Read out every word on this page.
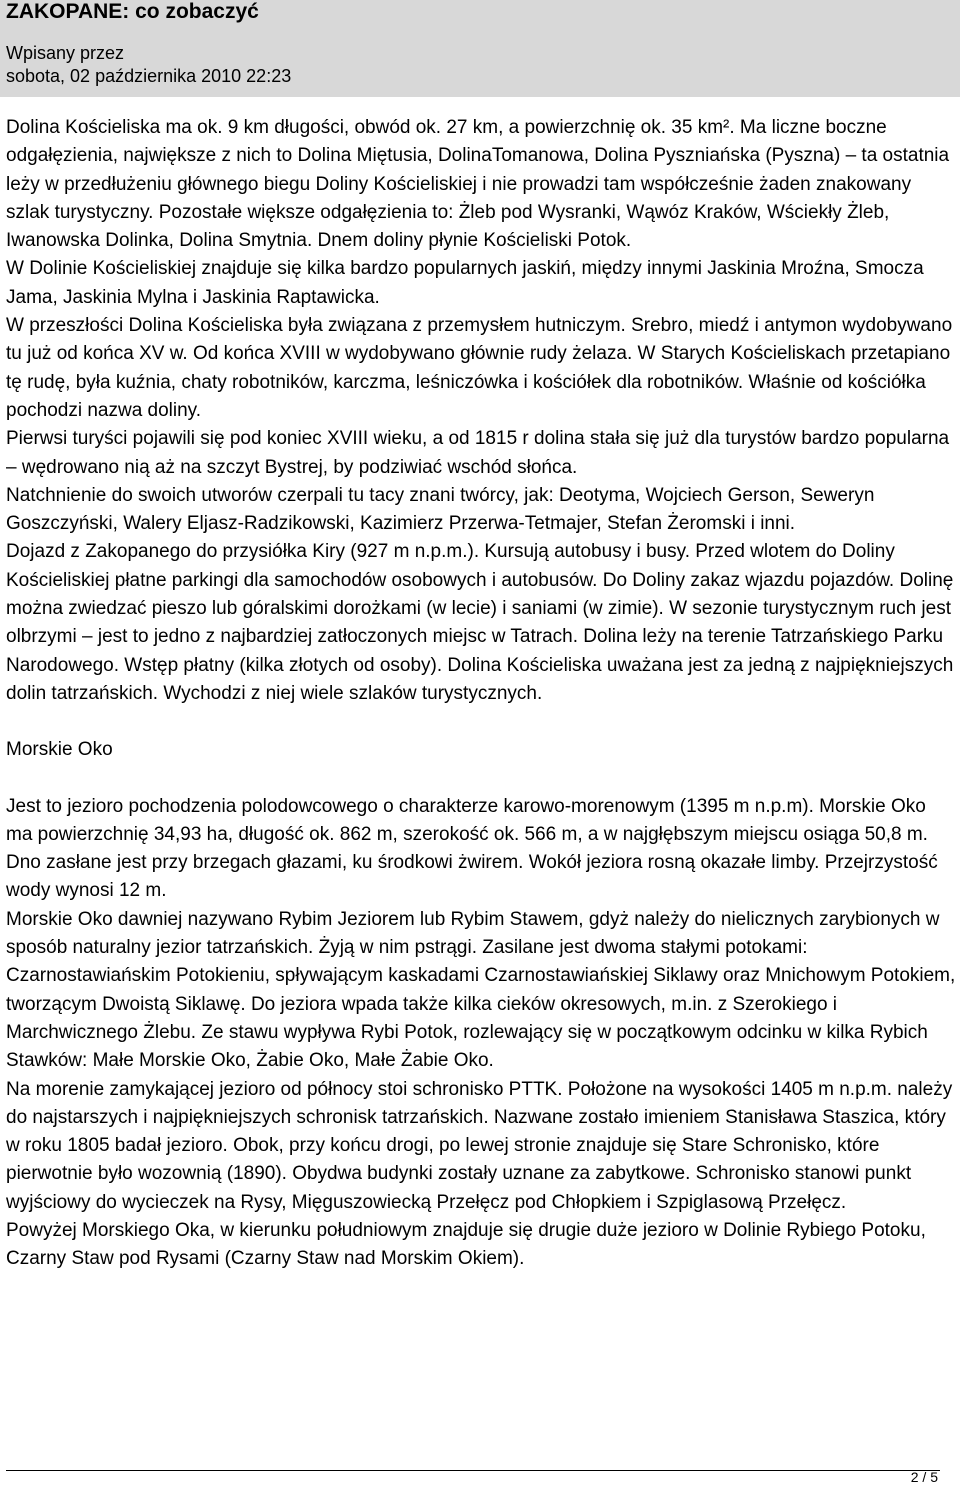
ZAKOPANE: co zobaczyć
Wpisany przez
sobota, 02 października 2010 22:23

Dolina Kościeliska ma ok. 9 km długości, obwód ok. 27 km, a powierzchnię ok. 35 km². Ma liczne boczne odgałęzienia, największe z nich to Dolina Miętusia, DolinaTomanowa, Dolina Pyszniańska (Pyszna) – ta ostatnia leży w przedłużeniu głównego biegu Doliny Kościeliskiej i nie prowadzi tam współcześnie żaden znakowany szlak turystyczny. Pozostałe większe odgałęzienia to: Żleb pod Wysranki, Wąwóz Kraków, Wściekły Żleb, Iwanowska Dolinka, Dolina Smytnia. Dnem doliny płynie Kościeliski Potok.

W Dolinie Kościeliskiej znajduje się kilka bardzo popularnych jaskiń, między innymi Jaskinia Mroźna, Smocza Jama, Jaskinia Mylna i Jaskinia Raptawicka.

W przeszłości Dolina Kościeliska była związana z przemysłem hutniczym. Srebro, miedź i antymon wydobywano tu już od końca XV w. Od końca XVIII w wydobywano głównie rudy żelaza. W Starych Kościeliskach przetapiano tę rudę, była kuźnia, chaty robotników, karczma, leśniczówka i kościółek dla robotników. Właśnie od kościółka pochodzi nazwa doliny.

Pierwsi turyści pojawili się pod koniec XVIII wieku, a od 1815 r dolina stała się już dla turystów bardzo popularna – wędrowano nią aż na szczyt Bystrej, by podziwiać wschód słońca.

Natchnienie do swoich utworów czerpali tu tacy znani twórcy, jak: Deotyma, Wojciech Gerson, Seweryn Goszczyński, Walery Eljasz-Radzikowski, Kazimierz Przerwa-Tetmajer, Stefan Żeromski i inni.

Dojazd z Zakopanego do przysiółka Kiry (927 m n.p.m.). Kursują autobusy i busy. Przed wlotem do Doliny Kościeliskiej płatne parkingi dla samochodów osobowych i autobusów. Do Doliny zakaz wjazdu pojazdów. Dolinę można zwiedzać pieszo lub góralskimi dorożkami (w lecie) i saniami (w zimie). W sezonie turystycznym ruch jest olbrzymi – jest to jedno z najbardziej zatłoczonych miejsc w Tatrach. Dolina leży na terenie Tatrzańskiego Parku Narodowego. Wstęp płatny (kilka złotych od osoby). Dolina Kościeliska uważana jest za jedną z najpiękniejszych dolin tatrzańskich. Wychodzi z niej wiele szlaków turystycznych.

Morskie Oko

Jest to jezioro pochodzenia polodowcowego o charakterze karowo-morenowym (1395 m n.p.m). Morskie Oko ma powierzchnię 34,93 ha, długość ok. 862 m, szerokość ok. 566 m, a w najgłębszym miejscu osiąga 50,8 m. Dno zasłane jest przy brzegach głazami, ku środkowi żwirem. Wokół jeziora rosną okazałe limby. Przejrzystość wody wynosi 12 m.

Morskie Oko dawniej nazywano Rybim Jeziorem lub Rybim Stawem, gdyż należy do nielicznych zarybionych w sposób naturalny jezior tatrzańskich. Żyją w nim pstrągi. Zasilane jest dwoma stałymi potokami: Czarnostawiańskim Potokieniu, spływającym kaskadami Czarnostawiańskiej Siklawy oraz Mnichowym Potokiem, tworzącym Dwoistą Siklawę. Do jeziora wpada także kilka cieków okresowych, m.in. z Szerokiego i Marchwicznego Żlebu. Ze stawu wypływa Rybi Potok, rozlewający się w początkowym odcinku w kilka Rybich Stawków: Małe Morskie Oko, Żabie Oko, Małe Żabie Oko.

Na morenie zamykającej jezioro od północy stoi schronisko PTTK. Położone na wysokości 1405 m n.p.m. należy do najstarszych i najpiękniejszych schronisk tatrzańskich. Nazwane zostało imieniem Stanisława Staszica, który w roku 1805 badał jezioro. Obok, przy końcu drogi, po lewej stronie znajduje się Stare Schronisko, które pierwotnie było wozownią (1890). Obydwa budynki zostały uznane za zabytkowe. Schronisko stanowi punkt wyjściowy do wycieczek na Rysy, Mięguszowiecką Przełęcz pod Chłopkiem i Szpiglasową Przełęcz.

Powyżej Morskiego Oka, w kierunku południowym znajduje się drugie duże jezioro w Dolinie Rybiego Potoku, Czarny Staw pod Rysami (Czarny Staw nad Morskim Okiem).

2 / 5
